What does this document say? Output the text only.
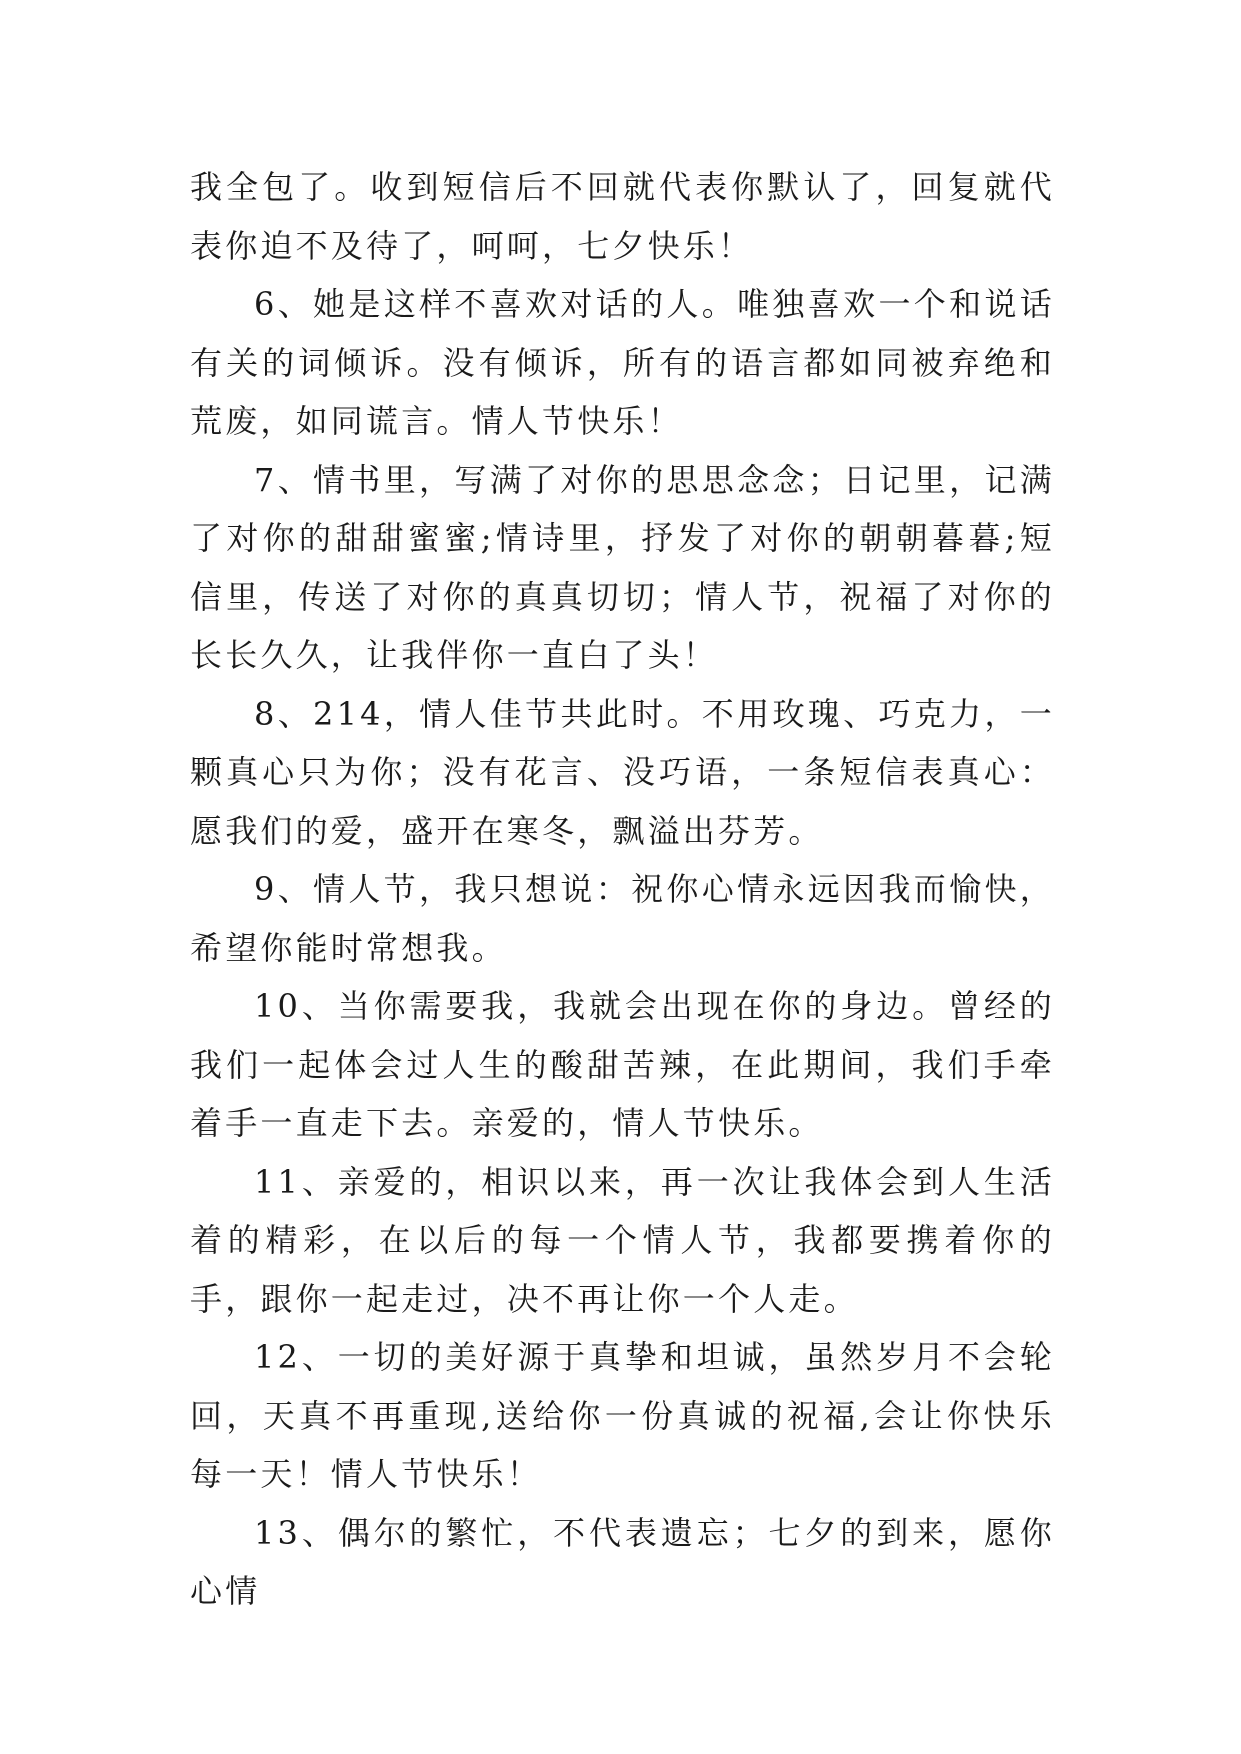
我全包了。收到短信后不回就代表你默认了，回复就代表你迫不及待了，呵呵，七夕快乐！

6、她是这样不喜欢对话的人。唯独喜欢一个和说话有关的词倾诉。没有倾诉，所有的语言都如同被弃绝和荒废，如同谎言。情人节快乐！

7、情书里，写满了对你的思思念念；日记里，记满了对你的甜甜蜜蜜;情诗里，抒发了对你的朝朝暮暮;短信里，传送了对你的真真切切；情人节，祝福了对你的长长久久，让我伴你一直白了头！

8、214，情人佳节共此时。不用玫瑰、巧克力，一颗真心只为你；没有花言、没巧语，一条短信表真心：愿我们的爱，盛开在寒冬，飘溢出芬芳。

9、情人节，我只想说：祝你心情永远因我而愉快，希望你能时常想我。

10、当你需要我，我就会出现在你的身边。曾经的我们一起体会过人生的酸甜苦辣，在此期间，我们手牵着手一直走下去。亲爱的，情人节快乐。

11、亲爱的，相识以来，再一次让我体会到人生活着的精彩，在以后的每一个情人节，我都要携着你的手，跟你一起走过，决不再让你一个人走。

12、一切的美好源于真挚和坦诚，虽然岁月不会轮回，天真不再重现,送给你一份真诚的祝福,会让你快乐每一天！情人节快乐！

13、偶尔的繁忙，不代表遗忘；七夕的到来，愿你心情
